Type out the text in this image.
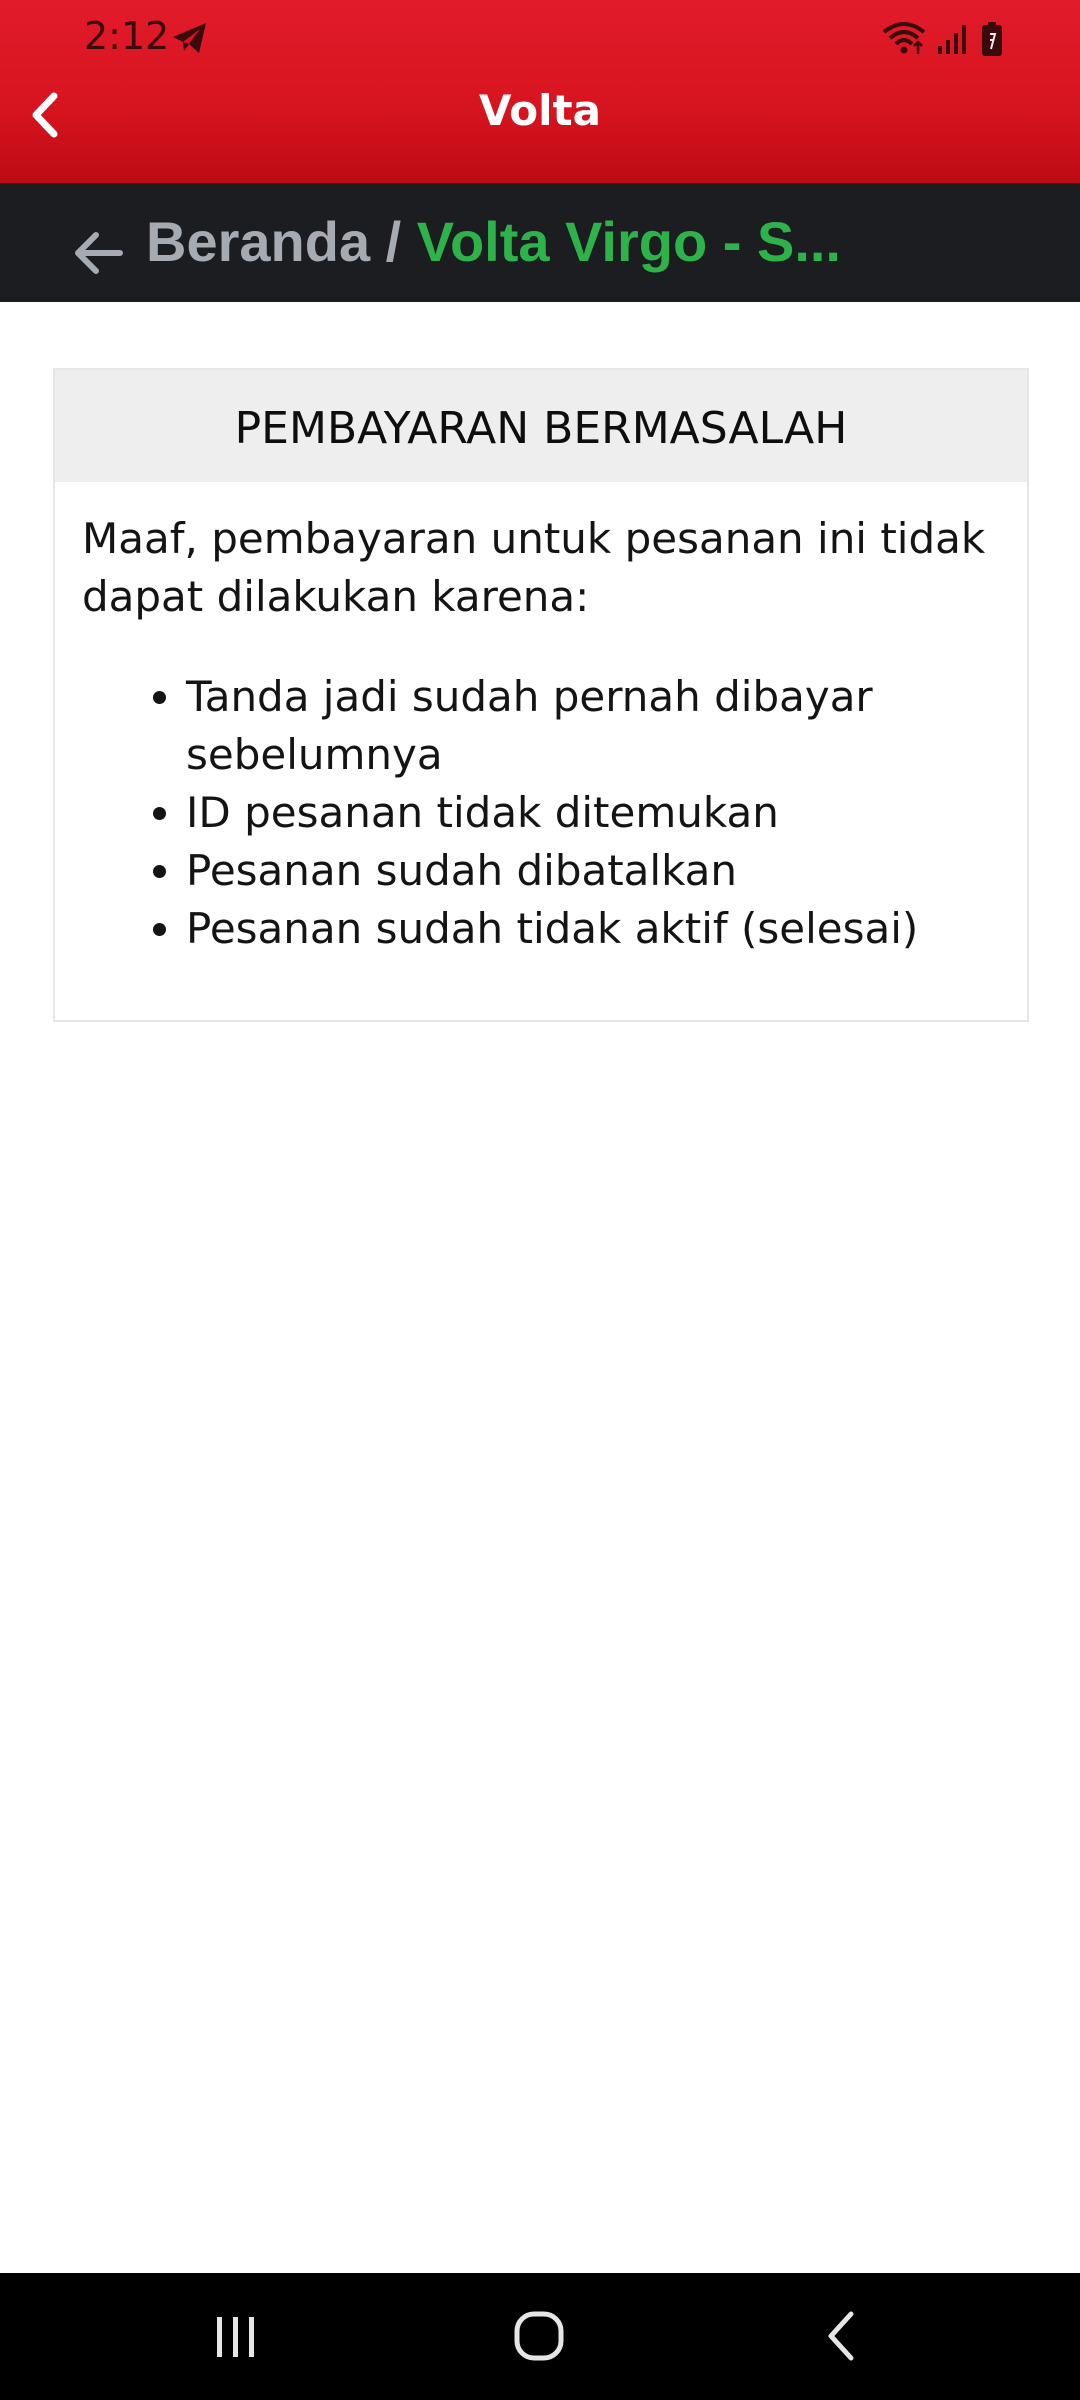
2:12
Volta
Beranda / Volta Virgo - S...
PEMBAYARAN BERMASALAH

Maaf, pembayaran untuk pesanan ini tidak dapat dilakukan karena:

• Tanda jadi sudah pernah dibayar sebelumnya
• ID pesanan tidak ditemukan
• Pesanan sudah dibatalkan
• Pesanan sudah tidak aktif (selesai)
